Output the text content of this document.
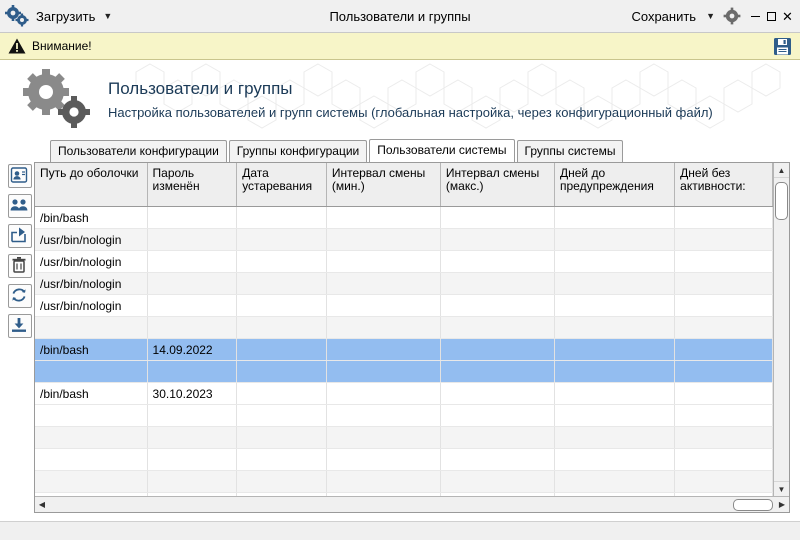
Загрузить ▼	Пользователи и группы	Сохранить ▼	✕
Внимание!
Пользователи и группы
Настройка пользователей и групп системы (глобальная настройка, через конфигурационный файл)
Пользователи конфигурации	Группы конфигурации	Пользователи системы	Группы системы
Путь до оболочки	Пароль изменён	Дата устаревания	Интервал смены (мин.)	Интервал смены (макс.)	Дней до предупреждения	Дней без активности:
/bin/bash						
/usr/bin/nologin						
/usr/bin/nologin						
/usr/bin/nologin						
/usr/bin/nologin						

/bin/bash	14.09.2022					

/bin/bash	30.10.2023					

▲
▼
◀	▶
